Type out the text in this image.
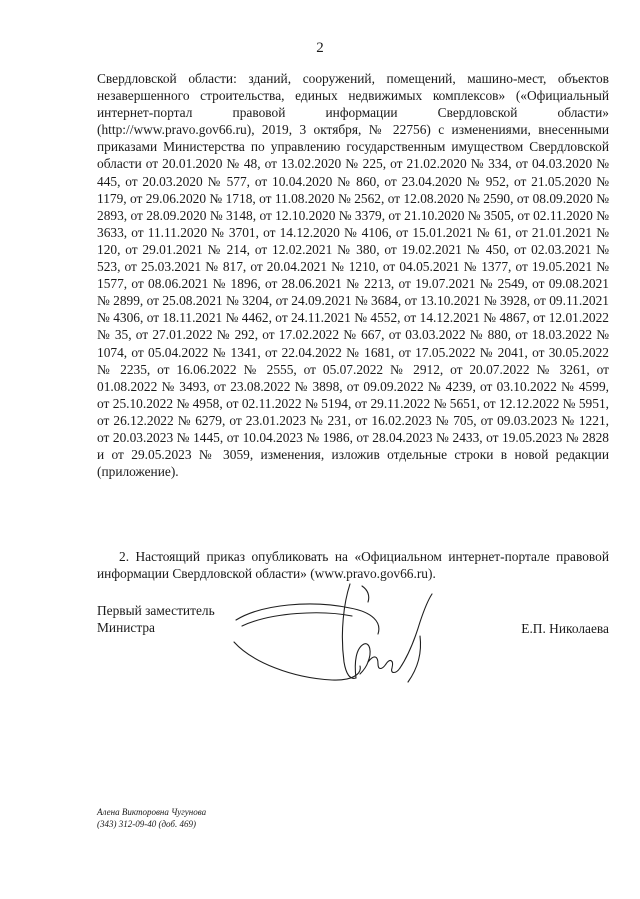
2

Свердловской области: зданий, сооружений, помещений, машино-мест, объектов незавершенного строительства, единых недвижимых комплексов» («Официальный интернет-портал правовой информации Свердловской области» (http://www.pravo.gov66.ru), 2019, 3 октября, № 22756) с изменениями, внесенными приказами Министерства по управлению государственным имуществом Свердловской области от 20.01.2020 № 48, от 13.02.2020 № 225, от 21.02.2020 № 334, от 04.03.2020 № 445, от 20.03.2020 № 577, от 10.04.2020 № 860, от 23.04.2020 № 952, от 21.05.2020 № 1179, от 29.06.2020 № 1718, от 11.08.2020 № 2562, от 12.08.2020 № 2590, от 08.09.2020 № 2893, от 28.09.2020 № 3148, от 12.10.2020 № 3379, от 21.10.2020 № 3505, от 02.11.2020 № 3633, от 11.11.2020 № 3701, от 14.12.2020 № 4106, от 15.01.2021 № 61, от 21.01.2021 № 120, от 29.01.2021 № 214, от 12.02.2021 № 380, от 19.02.2021 № 450, от 02.03.2021 № 523, от 25.03.2021 № 817, от 20.04.2021 № 1210, от 04.05.2021 № 1377, от 19.05.2021 № 1577, от 08.06.2021 № 1896, от 28.06.2021 № 2213, от 19.07.2021 № 2549, от 09.08.2021 № 2899, от 25.08.2021 № 3204, от 24.09.2021 № 3684, от 13.10.2021 № 3928, от 09.11.2021 № 4306, от 18.11.2021 № 4462, от 24.11.2021 № 4552, от 14.12.2021 № 4867, от 12.01.2022 № 35, от 27.01.2022 № 292, от 17.02.2022 № 667, от 03.03.2022 № 880, от 18.03.2022 № 1074, от 05.04.2022 № 1341, от 22.04.2022 № 1681, от 17.05.2022 № 2041, от 30.05.2022 № 2235, от 16.06.2022 № 2555, от 05.07.2022 № 2912, от 20.07.2022 № 3261, от 01.08.2022 № 3493, от 23.08.2022 № 3898, от 09.09.2022 № 4239, от 03.10.2022 № 4599, от 25.10.2022 № 4958, от 02.11.2022 № 5194, от 29.11.2022 № 5651, от 12.12.2022 № 5951, от 26.12.2022 № 6279, от 23.01.2023 № 231, от 16.02.2023 № 705, от 09.03.2023 № 1221, от 20.03.2023 № 1445, от 10.04.2023 № 1986, от 28.04.2023 № 2433, от 19.05.2023 № 2828 и от 29.05.2023 № 3059, изменения, изложив отдельные строки в новой редакции (приложение).

2. Настоящий приказ опубликовать на «Официальном интернет-портале правовой информации Свердловской области» (www.pravo.gov66.ru).

Первый заместитель
Министра	Е.П. Николаева
Алена Викторовна Чугунова
(343) 312-09-40 (доб. 469)
